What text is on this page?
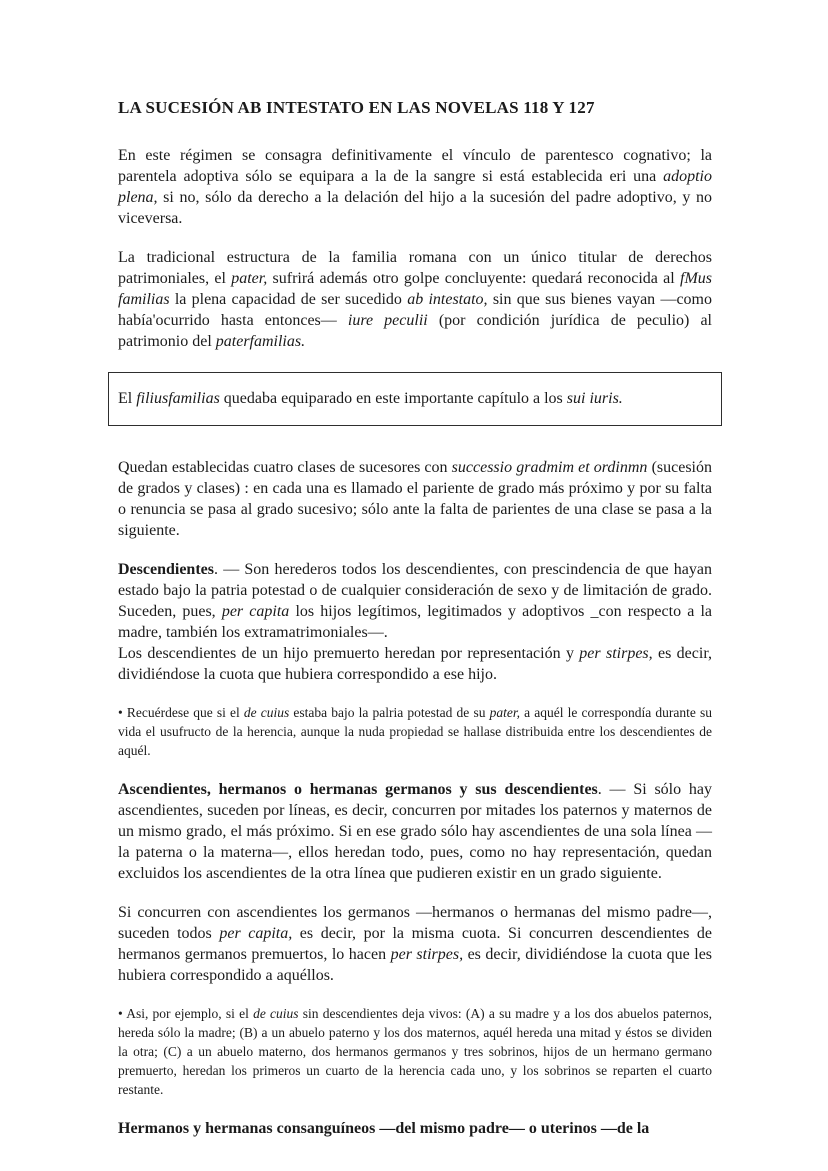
LA SUCESIÓN AB INTESTATO EN LAS NOVELAS 118 Y 127
En este régimen se consagra definitivamente el vínculo de parentesco cognativo; la parentela adoptiva sólo se equipara a la de la sangre si está establecida eri una adoptio plena, si no, sólo da derecho a la delación del hijo a la sucesión del padre adoptivo, y no viceversa.
La tradicional estructura de la familia romana con un único titular de derechos patrimoniales, el pater, sufrirá además otro golpe concluyente: quedará reconocida al fMus familias la plena capacidad de ser sucedido ab intestato, sin que sus bienes vayan —como había'ocurrido hasta entonces— iure peculii (por condición jurídica de peculio) al patrimonio del paterfamilias.
El filiusfamilias quedaba equiparado en este importante capítulo a los sui iuris.
Quedan establecidas cuatro clases de sucesores con successio gradmim et ordinmn (sucesión de grados y clases) : en cada una es llamado el pariente de grado más próximo y por su falta o renuncia se pasa al grado sucesivo; sólo ante la falta de parientes de una clase se pasa a la siguiente.
Descendientes. — Son herederos todos los descendientes, con prescindencia de que hayan estado bajo la patria potestad o de cualquier consideración de sexo y de limitación de grado. Suceden, pues, per capita los hijos legítimos, legitimados y adoptivos _con respecto a la madre, también los extramatrimoniales—.
Los descendientes de un hijo premuerto heredan por representación y per stirpes, es decir, dividiéndose la cuota que hubiera correspondido a ese hijo.
• Recuérdese que si el de cuius estaba bajo la palria potestad de su pater, a aquél le correspondía durante su vida el usufructo de la herencia, aunque la nuda propiedad se hallase distribuida entre los descendientes de aquél.
Ascendientes, hermanos o hermanas germanos y sus descendientes. — Si sólo hay ascendientes, suceden por líneas, es decir, concurren por mitades los paternos y maternos de un mismo grado, el más próximo. Si en ese grado sólo hay ascendientes de una sola línea —la paterna o la materna—, ellos heredan todo, pues, como no hay representación, quedan excluidos los ascendientes de la otra línea que pudieren existir en un grado siguiente.
Si concurren con ascendientes los germanos —hermanos o hermanas del mismo padre—, suceden todos per capita, es decir, por la misma cuota. Si concurren descendientes de hermanos germanos premuertos, lo hacen per stirpes, es decir, dividiéndose la cuota que les hubiera correspondido a aquéllos.
• Asi, por ejemplo, si el de cuius sin descendientes deja vivos: (A) a su madre y a los dos abuelos paternos, hereda sólo la madre; (B) a un abuelo paterno y los dos maternos, aquél hereda una mitad y éstos se dividen la otra; (C) a un abuelo materno, dos hermanos germanos y tres sobrinos, hijos de un hermano germano premuerto, heredan los primeros un cuarto de la herencia cada uno, y los sobrinos se reparten el cuarto restante.
Hermanos y hermanas consanguíneos —del mismo padre— o uterinos —de la
